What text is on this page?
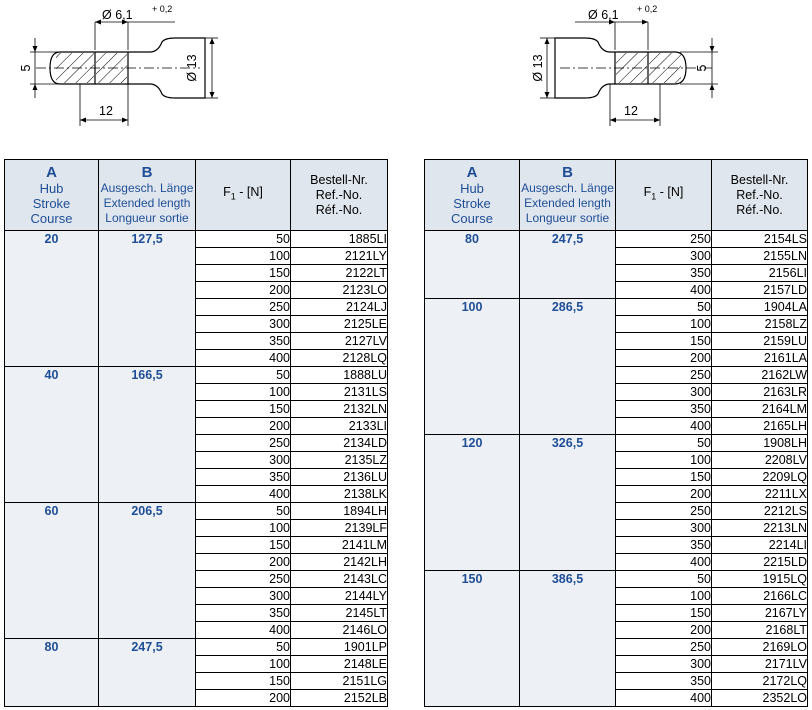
Ø 6,1 + 0,2
5	Ø 13
12
Ø 6,1 + 0,2
Ø 13	5
12
A
Hub
Stroke
Course	B
Ausgesch. Länge
Extended length
Longueur sortie	$F_1 - [N]$	Bestell-Nr.
Ref.-No.
Réf.-No.

20	127,5	50	1885LI
		100	2121LY
		150	2122LT
		200	2123LO
		250	2124LJ
		300	2125LE
		350	2127LV
		400	2128LQ
40	166,5	50	1888LU
		100	2131LS
		150	2132LN
		200	2133LI
		250	2134LD
		300	2135LZ
		350	2136LU
		400	2138LK
60	206,5	50	1894LH
		100	2139LF
		150	2141LM
		200	2142LH
		250	2143LC
		300	2144LY
		350	2145LT
		400	2146LO
80	247,5	50	1901LP
		100	2148LE
		150	2151LG
		200	2152LB
A
Hub
Stroke
Course	B
Ausgesch. Länge
Extended length
Longueur sortie	$F_1 - [N]$	Bestell-Nr.
Ref.-No.
Réf.-No.

80	247,5	250	2154LS
		300	2155LN
		350	2156LI
		400	2157LD
100	286,5	50	1904LA
		100	2158LZ
		150	2159LU
		200	2161LA
		250	2162LW
		300	2163LR
		350	2164LM
		400	2165LH
120	326,5	50	1908LH
		100	2208LV
		150	2209LQ
		200	2211LX
		250	2212LS
		300	2213LN
		350	2214LI
		400	2215LD
150	386,5	50	1915LQ
		100	2166LC
		150	2167LY
		200	2168LT
		250	2169LO
		300	2171LV
		350	2172LQ
		400	2352LO
